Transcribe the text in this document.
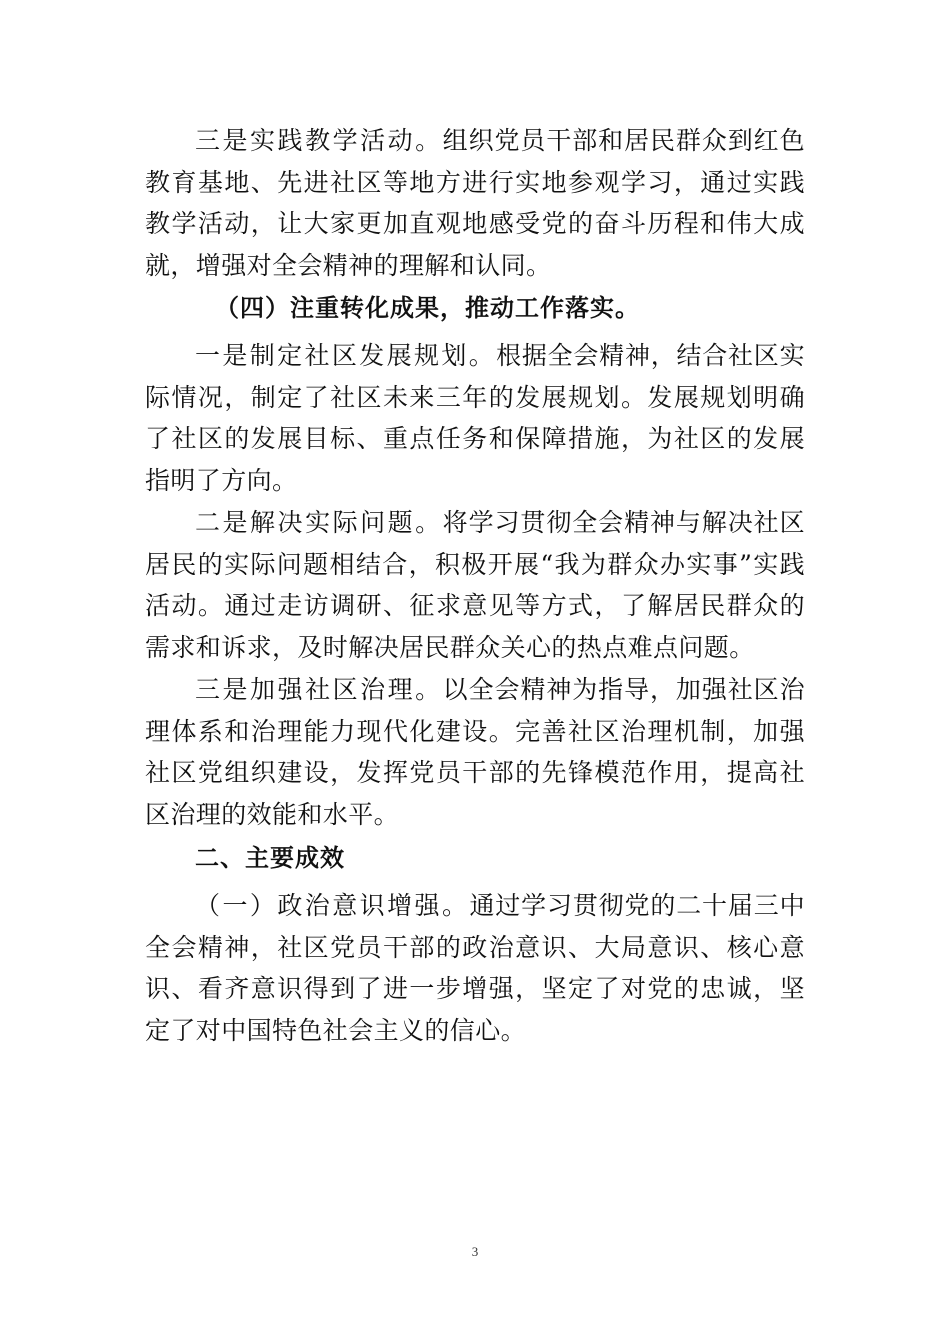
三是实践教学活动。组织党员干部和居民群众到红色教育基地、先进社区等地方进行实地参观学习，通过实践教学活动，让大家更加直观地感受党的奋斗历程和伟大成就，增强对全会精神的理解和认同。

（四）注重转化成果，推动工作落实。

一是制定社区发展规划。根据全会精神，结合社区实际情况，制定了社区未来三年的发展规划。发展规划明确了社区的发展目标、重点任务和保障措施，为社区的发展指明了方向。

二是解决实际问题。将学习贯彻全会精神与解决社区居民的实际问题相结合，积极开展“我为群众办实事”实践活动。通过走访调研、征求意见等方式，了解居民群众的需求和诉求，及时解决居民群众关心的热点难点问题。

三是加强社区治理。以全会精神为指导，加强社区治理体系和治理能力现代化建设。完善社区治理机制，加强社区党组织建设，发挥党员干部的先锋模范作用，提高社区治理的效能和水平。

二、主要成效

（一）政治意识增强。通过学习贯彻党的二十届三中全会精神，社区党员干部的政治意识、大局意识、核心意识、看齐意识得到了进一步增强，坚定了对党的忠诚，坚定了对中国特色社会主义的信心。

3
